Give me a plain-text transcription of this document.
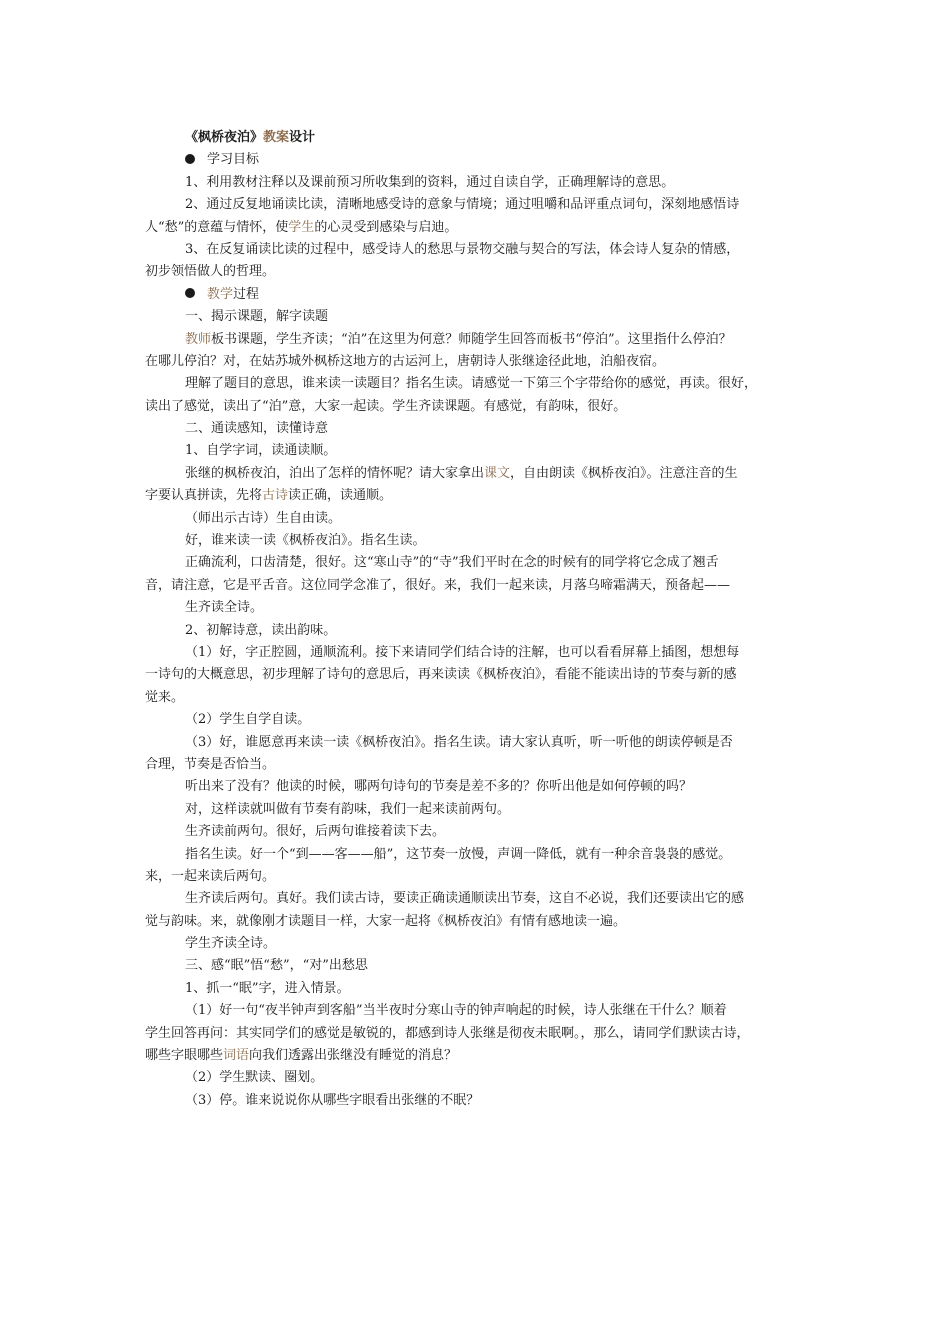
《枫桥夜泊》教案设计
学习目标
1、利用教材注释以及课前预习所收集到的资料，通过自读自学，正确理解诗的意思。
2、通过反复地诵读比读，清晰地感受诗的意象与情境；通过咀嚼和品评重点词句，深刻地感悟诗
人“愁”的意蕴与情怀，使学生的心灵受到感染与启迪。
3、在反复诵读比读的过程中，感受诗人的愁思与景物交融与契合的写法，体会诗人复杂的情感，
初步领悟做人的哲理。
教学过程
一、揭示课题，解字读题
教师板书课题，学生齐读；“泊”在这里为何意？师随学生回答而板书“停泊”。这里指什么停泊？
在哪儿停泊？对，在姑苏城外枫桥这地方的古运河上，唐朝诗人张继途径此地，泊船夜宿。
理解了题目的意思，谁来读一读题目？指名生读。请感觉一下第三个字带给你的感觉，再读。很好，
读出了感觉，读出了“泊”意，大家一起读。学生齐读课题。有感觉，有韵味，很好。
二、通读感知，读懂诗意
1、自学字词，读通读顺。
张继的枫桥夜泊，泊出了怎样的情怀呢？请大家拿出课文，自由朗读《枫桥夜泊》。注意注音的生
字要认真拼读，先将古诗读正确，读通顺。
（师出示古诗）生自由读。
好，谁来读一读《枫桥夜泊》。指名生读。
正确流利，口齿清楚，很好。这“寒山寺”的“寺”我们平时在念的时候有的同学将它念成了翘舌
音，请注意，它是平舌音。这位同学念准了，很好。来，我们一起来读，月落乌啼霜满天，预备起——
生齐读全诗。
2、初解诗意，读出韵味。
（1）好，字正腔圆，通顺流利。接下来请同学们结合诗的注解，也可以看看屏幕上插图，想想每
一诗句的大概意思，初步理解了诗句的意思后，再来读读《枫桥夜泊》，看能不能读出诗的节奏与新的感
觉来。
（2）学生自学自读。
（3）好，谁愿意再来读一读《枫桥夜泊》。指名生读。请大家认真听，听一听他的朗读停顿是否
合理，节奏是否恰当。
听出来了没有？他读的时候，哪两句诗句的节奏是差不多的？你听出他是如何停顿的吗？
对，这样读就叫做有节奏有韵味，我们一起来读前两句。
生齐读前两句。很好，后两句谁接着读下去。
指名生读。好一个“到——客——船”，这节奏一放慢，声调一降低，就有一种余音袅袅的感觉。
来，一起来读后两句。
生齐读后两句。真好。我们读古诗，要读正确读通顺读出节奏，这自不必说，我们还要读出它的感
觉与韵味。来，就像刚才读题目一样，大家一起将《枫桥夜泊》有情有感地读一遍。
学生齐读全诗。
三、感“眠”悟“愁”，“对”出愁思
1、抓一“眠”字，进入情景。
（1）好一句“夜半钟声到客船”当半夜时分寒山寺的钟声响起的时候，诗人张继在干什么？顺着
学生回答再问：其实同学们的感觉是敏锐的，都感到诗人张继是彻夜未眠啊。，那么，请同学们默读古诗，
哪些字眼哪些词语向我们透露出张继没有睡觉的消息？
（2）学生默读、圈划。
（3）停。谁来说说你从哪些字眼看出张继的不眠？
